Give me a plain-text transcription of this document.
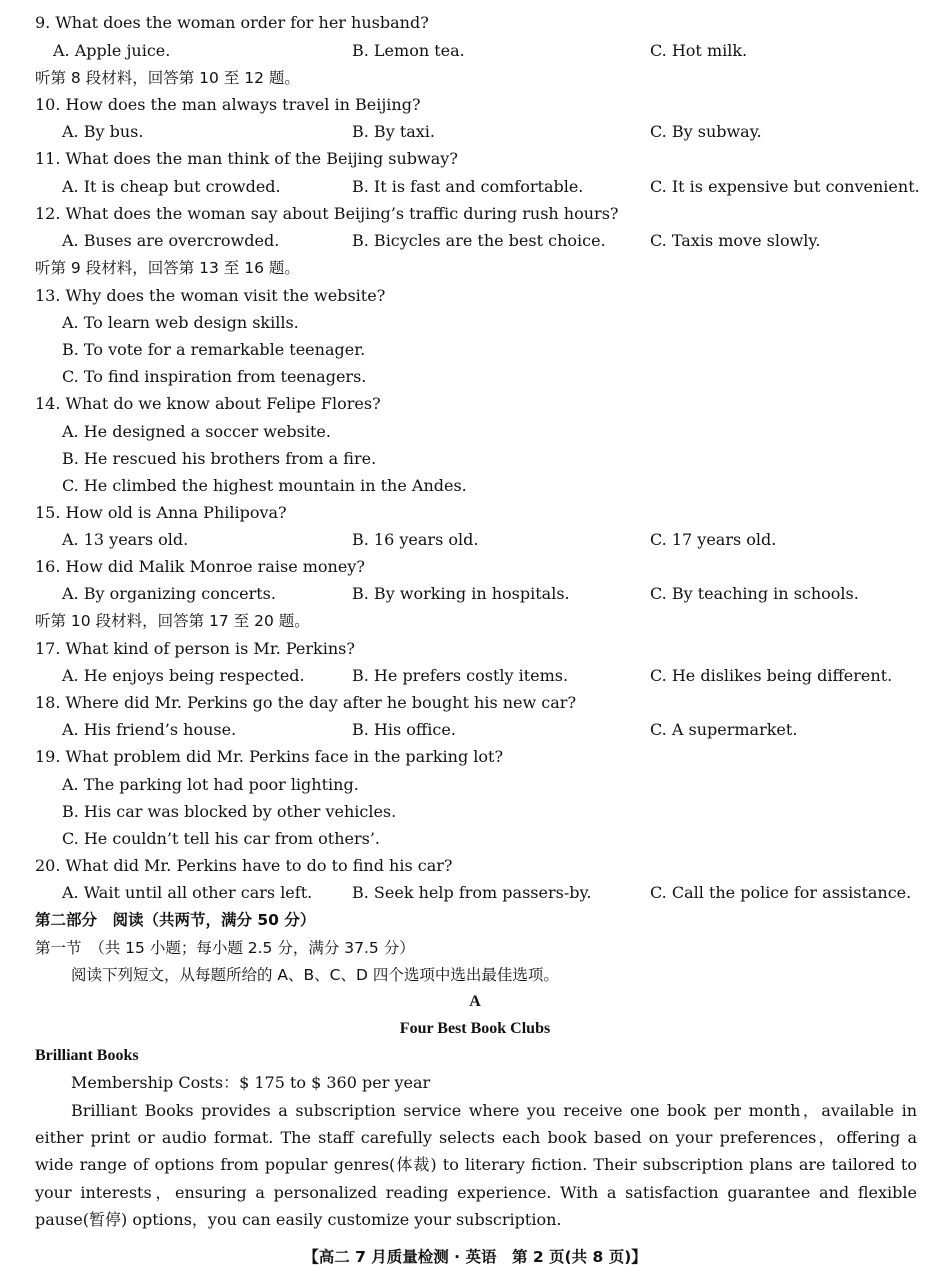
9. What does the woman order for her husband?
A. Apple juice.	B. Lemon tea.	C. Hot milk.
听第 8 段材料，回答第 10 至 12 题。
10. How does the man always travel in Beijing?
A. By bus.	B. By taxi.	C. By subway.
11. What does the man think of the Beijing subway?
A. It is cheap but crowded.	B. It is fast and comfortable.	C. It is expensive but convenient.
12. What does the woman say about Beijing’s traffic during rush hours?
A. Buses are overcrowded.	B. Bicycles are the best choice.	C. Taxis move slowly.
听第 9 段材料，回答第 13 至 16 题。
13. Why does the woman visit the website?
A. To learn web design skills.
B. To vote for a remarkable teenager.
C. To find inspiration from teenagers.
14. What do we know about Felipe Flores?
A. He designed a soccer website.
B. He rescued his brothers from a fire.
C. He climbed the highest mountain in the Andes.
15. How old is Anna Philipova?
A. 13 years old.	B. 16 years old.	C. 17 years old.
16. How did Malik Monroe raise money?
A. By organizing concerts.	B. By working in hospitals.	C. By teaching in schools.
听第 10 段材料，回答第 17 至 20 题。
17. What kind of person is Mr. Perkins?
A. He enjoys being respected.	B. He prefers costly items.	C. He dislikes being different.
18. Where did Mr. Perkins go the day after he bought his new car?
A. His friend’s house.	B. His office.	C. A supermarket.
19. What problem did Mr. Perkins face in the parking lot?
A. The parking lot had poor lighting.
B. His car was blocked by other vehicles.
C. He couldn’t tell his car from others’.
20. What did Mr. Perkins have to do to find his car?
A. Wait until all other cars left. B. Seek help from passers-by.	C. Call the police for assistance.
第二部分　阅读（共两节，满分 50 分）
第一节　（共 15 小题；每小题 2.5 分，满分 37.5 分）
阅读下列短文，从每题所给的 A、B、C、D 四个选项中选出最佳选项。
A
Four Best Book Clubs
Brilliant Books
Membership Costs：$ 175 to $ 360 per year
Brilliant Books provides a subscription service where you receive one book per month，available in either print or audio format. The staff carefully selects each book based on your preferences，offering a wide range of options from popular genres(体裁) to literary fiction. Their subscription plans are tailored to your interests，ensuring a personalized reading experience. With a satisfaction guarantee and flexible pause(暂停) options，you can easily customize your subscription.
【高二 7 月质量检测 · 英语　第 2 页(共 8 页)】
